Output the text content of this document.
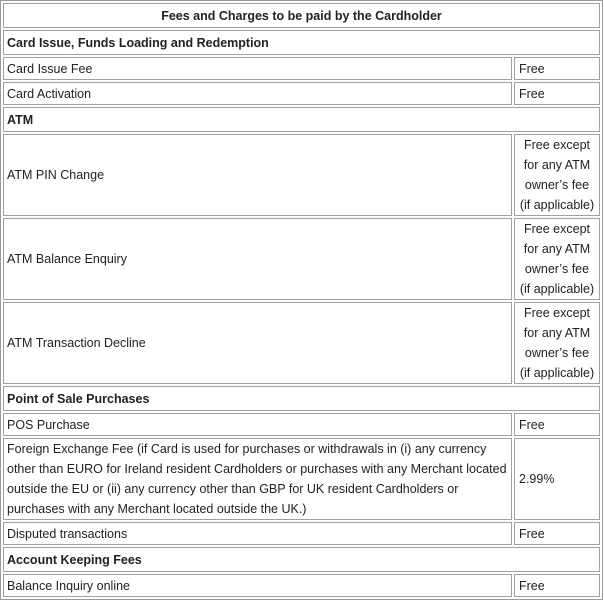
Fees and Charges to be paid by the Cardholder	
Card Issue, Funds Loading and Redemption	
Card Issue Fee	Free
Card Activation	Free
ATM	
ATM PIN Change	Free except for any ATM owner’s fee (if applicable)
ATM Balance Enquiry	Free except for any ATM owner’s fee (if applicable)
ATM Transaction Decline	Free except for any ATM owner’s fee (if applicable)
Point of Sale Purchases	
POS Purchase	Free
Foreign Exchange Fee (if Card is used for purchases or withdrawals in (i) any currency other than EURO for Ireland resident Cardholders or purchases with any Merchant located outside the EU or (ii) any currency other than GBP for UK resident Cardholders or purchases with any Merchant located outside the UK.)	2.99%
Disputed transactions	Free
Account Keeping Fees	
Balance Inquiry online	Free
